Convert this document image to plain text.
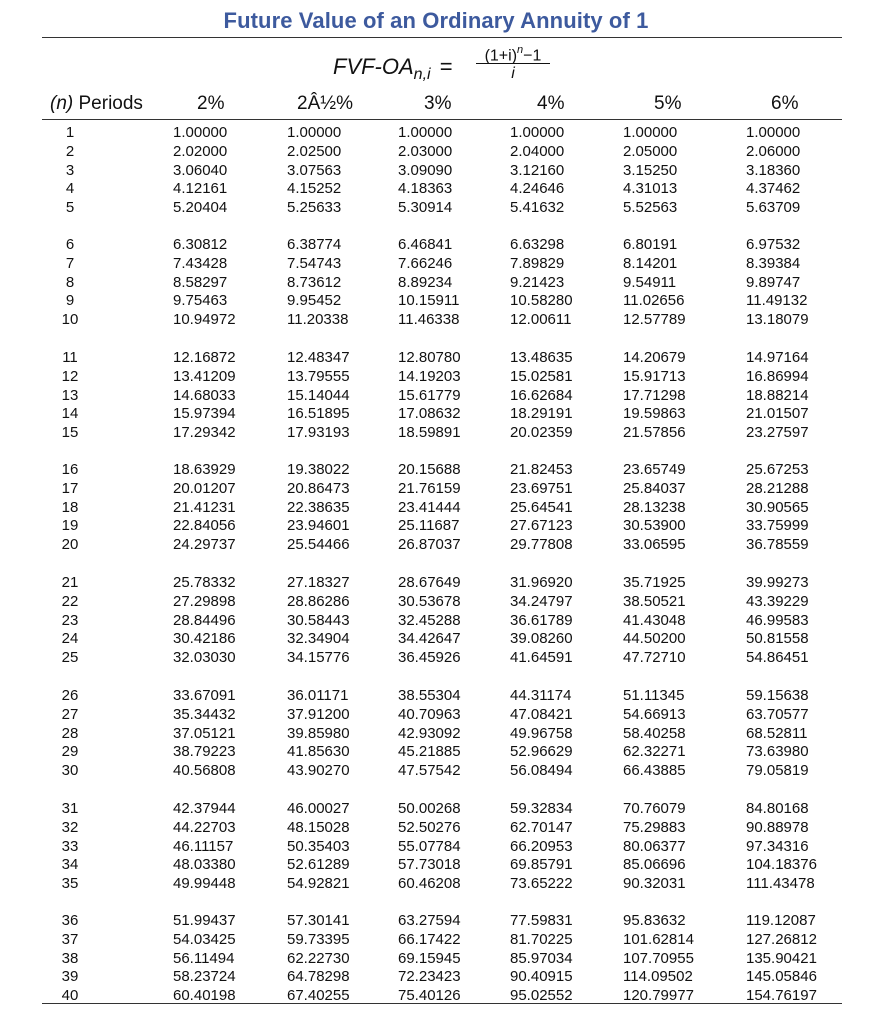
Future Value of an Ordinary Annuity of 1
FVF-$OA_{n,i}$ =	$(1+i)^n-1$
i
(n) Periods	2%	2Â½%	3%	4%	5%	6%
1	1.00000	1.00000	1.00000	1.00000	1.00000	1.00000
2	2.02000	2.02500	2.03000	2.04000	2.05000	2.06000
3	3.06040	3.07563	3.09090	3.12160	3.15250	3.18360
4	4.12161	4.15252	4.18363	4.24646	4.31013	4.37462
5	5.20404	5.25633	5.30914	5.41632	5.52563	5.63709
6	6.30812	6.38774	6.46841	6.63298	6.80191	6.97532
7	7.43428	7.54743	7.66246	7.89829	8.14201	8.39384
8	8.58297	8.73612	8.89234	9.21423	9.54911	9.89747
9	9.75463	9.95452	10.15911	10.58280	11.02656	11.49132
10	10.94972	11.20338	11.46338	12.00611	12.57789	13.18079
11	12.16872	12.48347	12.80780	13.48635	14.20679	14.97164
12	13.41209	13.79555	14.19203	15.02581	15.91713	16.86994
13	14.68033	15.14044	15.61779	16.62684	17.71298	18.88214
14	15.97394	16.51895	17.08632	18.29191	19.59863	21.01507
15	17.29342	17.93193	18.59891	20.02359	21.57856	23.27597
16	18.63929	19.38022	20.15688	21.82453	23.65749	25.67253
17	20.01207	20.86473	21.76159	23.69751	25.84037	28.21288
18	21.41231	22.38635	23.41444	25.64541	28.13238	30.90565
19	22.84056	23.94601	25.11687	27.67123	30.53900	33.75999
20	24.29737	25.54466	26.87037	29.77808	33.06595	36.78559
21	25.78332	27.18327	28.67649	31.96920	35.71925	39.99273
22	27.29898	28.86286	30.53678	34.24797	38.50521	43.39229
23	28.84496	30.58443	32.45288	36.61789	41.43048	46.99583
24	30.42186	32.34904	34.42647	39.08260	44.50200	50.81558
25	32.03030	34.15776	36.45926	41.64591	47.72710	54.86451
26	33.67091	36.01171	38.55304	44.31174	51.11345	59.15638
27	35.34432	37.91200	40.70963	47.08421	54.66913	63.70577
28	37.05121	39.85980	42.93092	49.96758	58.40258	68.52811
29	38.79223	41.85630	45.21885	52.96629	62.32271	73.63980
30	40.56808	43.90270	47.57542	56.08494	66.43885	79.05819
31	42.37944	46.00027	50.00268	59.32834	70.76079	84.80168
32	44.22703	48.15028	52.50276	62.70147	75.29883	90.88978
33	46.11157	50.35403	55.07784	66.20953	80.06377	97.34316
34	48.03380	52.61289	57.73018	69.85791	85.06696	104.18376
35	49.99448	54.92821	60.46208	73.65222	90.32031	111.43478
36	51.99437	57.30141	63.27594	77.59831	95.83632	119.12087
37	54.03425	59.73395	66.17422	81.70225	101.62814	127.26812
38	56.11494	62.22730	69.15945	85.97034	107.70955	135.90421
39	58.23724	64.78298	72.23423	90.40915	114.09502	145.05846
40	60.40198	67.40255	75.40126	95.02552	120.79977	154.76197
